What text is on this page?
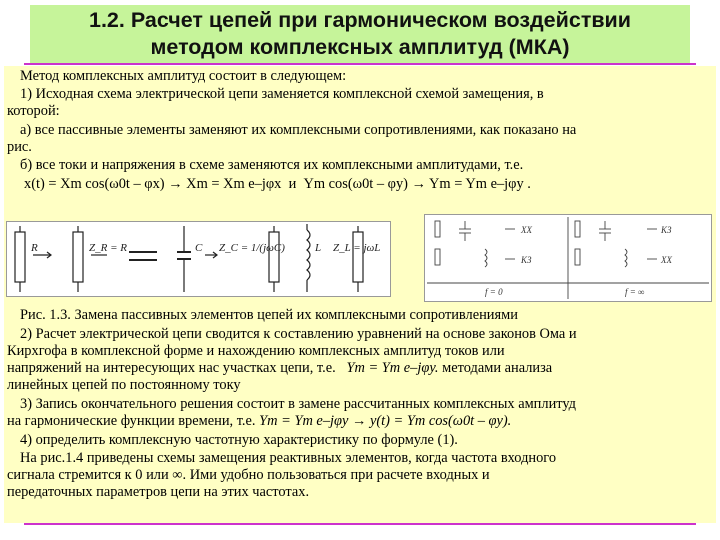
1.2. Расчет цепей при гармоническом воздействии
методом комплексных амплитуд (МКА)
Метод комплексных амплитуд состоит в следующем:
1) Исходная схема электрической цепи заменяется комплексной схемой замещения, в
которой:
а) все пассивные элементы заменяют их комплексными сопротивлениями, как показано на
рис.
б) все токи и напряжения в схеме заменяются их комплексными амплитудами, т.е.
x(t) = Xm cos(ω0t – φx) → Xm = Xm e–jφx и Ym cos(ω0t – φy) → Ym = Ym e–jφy .
R	Z_R = R	C Z_C = 1/(jωC)	L Z_L = jωL
XX
КЗ
КЗ
XX
f = 0	f = ∞
Рис. 1.3. Замена пассивных элементов цепей их комплексными сопротивлениями
2) Расчет электрической цепи сводится к составлению уравнений на основе законов Ома и
Кирхгофа в комплексной форме и нахождению комплексных амплитуд токов или
напряжений на интересующих нас участках цепи, т.е. Ym = Ym e–jφy. методами анализа
линейных цепей по постоянному току
3) Запись окончательного решения состоит в замене рассчитанных комплексных амплитуд
на гармонические функции времени, т.е. Ym = Ym e–jφy → y(t) = Ym cos(ω0t – φy).
4) определить комплексную частотную характеристику по формуле (1).
На рис.1.4 приведены схемы замещения реактивных элементов, когда частота входного
сигнала стремится к 0 или ∞. Ими удобно пользоваться при расчете входных и
передаточных параметров цепи на этих частотах.
